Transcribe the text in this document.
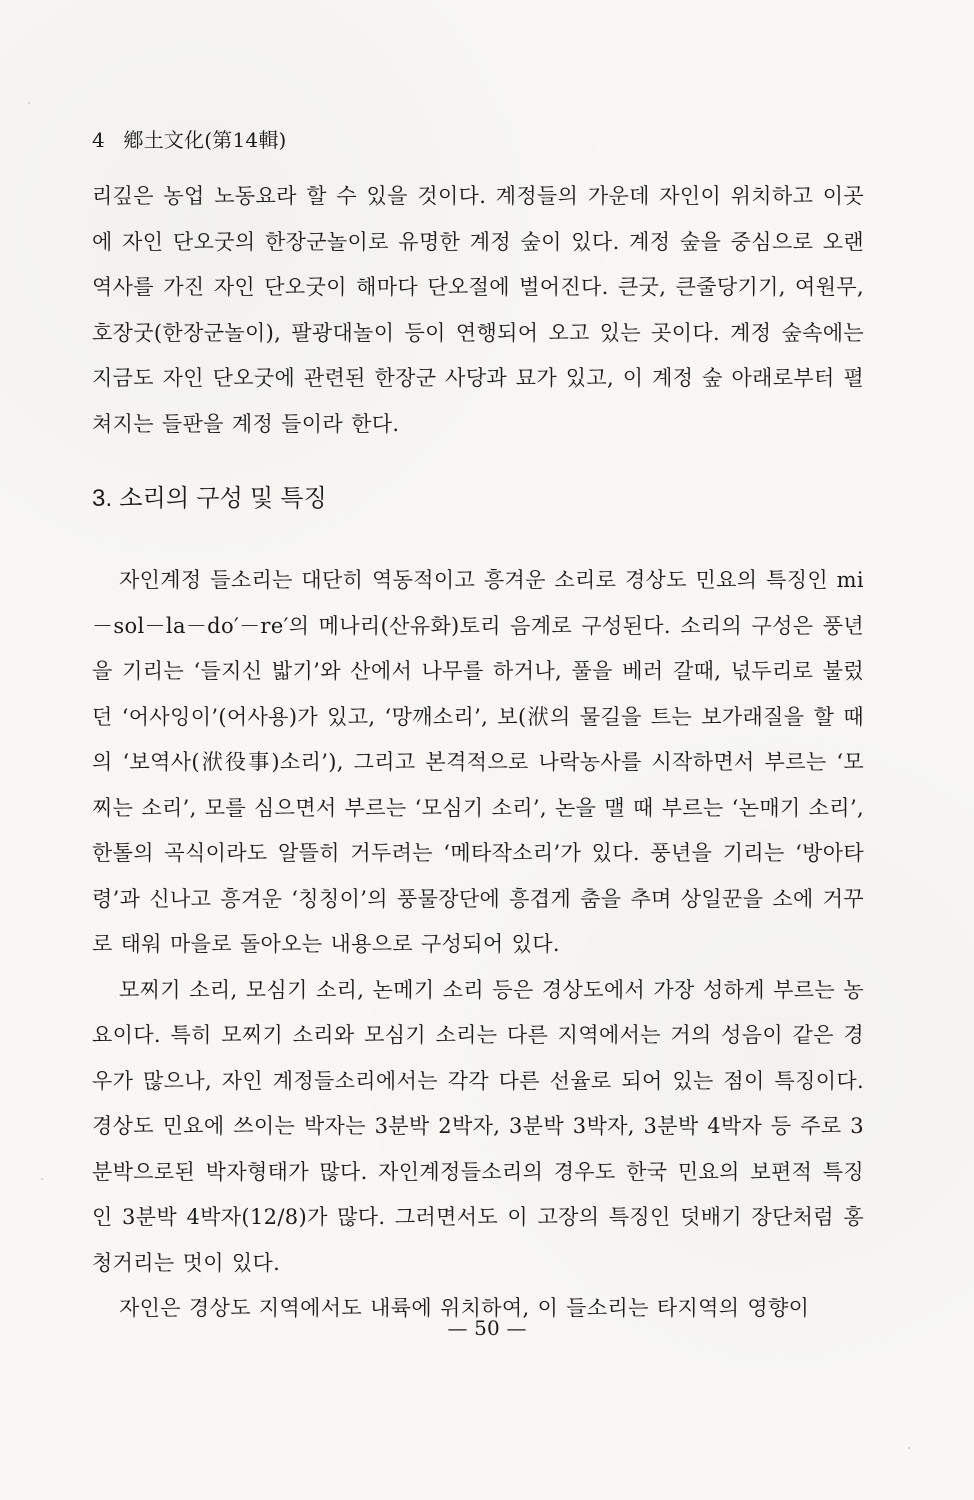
4 鄕土文化(第14輯)

리깊은 농업 노동요라 할 수 있을 것이다. 계정들의 가운데 자인이 위치하고 이곳에 자인 단오굿의 한장군놀이로 유명한 계정 숲이 있다. 계정 숲을 중심으로 오랜 역사를 가진 자인 단오굿이 해마다 단오절에 벌어진다. 큰굿, 큰줄당기기, 여원무, 호장굿(한장군놀이), 팔광대놀이 등이 연행되어 오고 있는 곳이다. 계정 숲속에는 지금도 자인 단오굿에 관련된 한장군 사당과 묘가 있고, 이 계정 숲 아래로부터 펼쳐지는 들판을 계정 들이라 한다.

3. 소리의 구성 및 특징

자인계정 들소리는 대단히 역동적이고 흥겨운 소리로 경상도 민요의 특징인 mi－sol－la－do′－re′의 메나리(산유화)토리 음계로 구성된다. 소리의 구성은 풍년을 기리는 ‘들지신 밟기’와 산에서 나무를 하거나, 풀을 베러 갈때, 넋두리로 불렀던 ‘어사잉이’(어사용)가 있고, ‘망깨소리’, 보(洑의 물길을 트는 보가래질을 할 때의 ‘보역사(洑役事)소리’), 그리고 본격적으로 나락농사를 시작하면서 부르는 ‘모찌는 소리’, 모를 심으면서 부르는 ‘모심기 소리’, 논을 맬 때 부르는 ‘논매기 소리’, 한톨의 곡식이라도 알뜰히 거두려는 ‘메타작소리’가 있다. 풍년을 기리는 ‘방아타령’과 신나고 흥겨운 ‘칭칭이’의 풍물장단에 흥겹게 춤을 추며 상일꾼을 소에 거꾸로 태워 마을로 돌아오는 내용으로 구성되어 있다.

모찌기 소리, 모심기 소리, 논메기 소리 등은 경상도에서 가장 성하게 부르는 농요이다. 특히 모찌기 소리와 모심기 소리는 다른 지역에서는 거의 성음이 같은 경우가 많으나, 자인 계정들소리에서는 각각 다른 선율로 되어 있는 점이 특징이다. 경상도 민요에 쓰이는 박자는 3분박 2박자, 3분박 3박자, 3분박 4박자 등 주로 3분박으로된 박자형태가 많다. 자인계정들소리의 경우도 한국 민요의 보편적 특징인 3분박 4박자(12/8)가 많다. 그러면서도 이 고장의 특징인 덧배기 장단처럼 홍청거리는 멋이 있다.

자인은 경상도 지역에서도 내륙에 위치하여, 이 들소리는 타지역의 영향이

— 50 —
